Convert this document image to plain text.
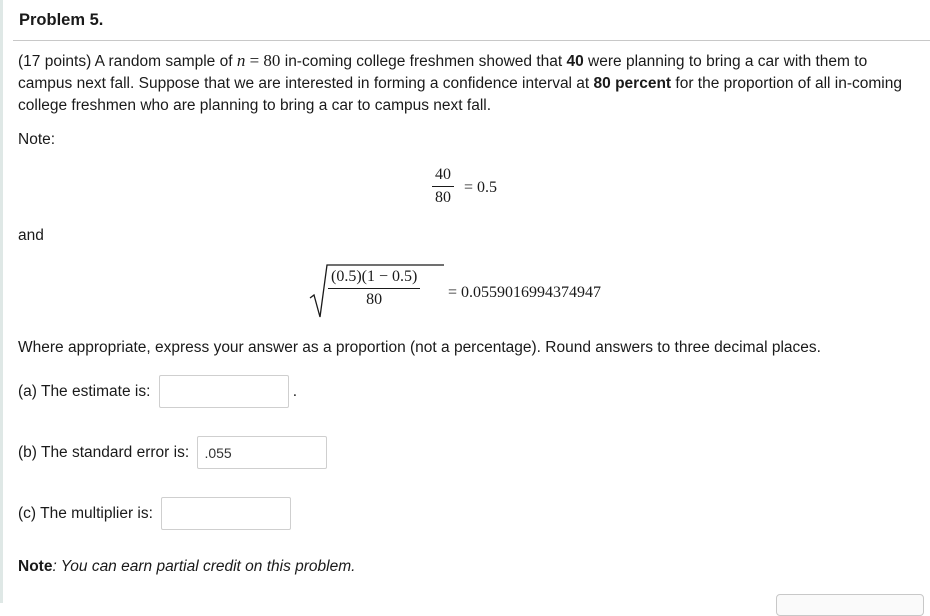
Problem 5.
(17 points) A random sample of n = 80 in-coming college freshmen showed that 40 were planning to bring a car with them to campus next fall. Suppose that we are interested in forming a confidence interval at 80 percent for the proportion of all in-coming college freshmen who are planning to bring a car to campus next fall.
Note:
$\frac{40}{80} = 0.5$
and
$\frac{(0.5)(1 - 0.5)}{80} = 0.0559016994374947$
Where appropriate, express your answer as a proportion (not a percentage). Round answers to three decimal places.
(a) The estimate is:	.
(b) The standard error is:
.055
(c) The multiplier is:
Note: You can earn partial credit on this problem.
